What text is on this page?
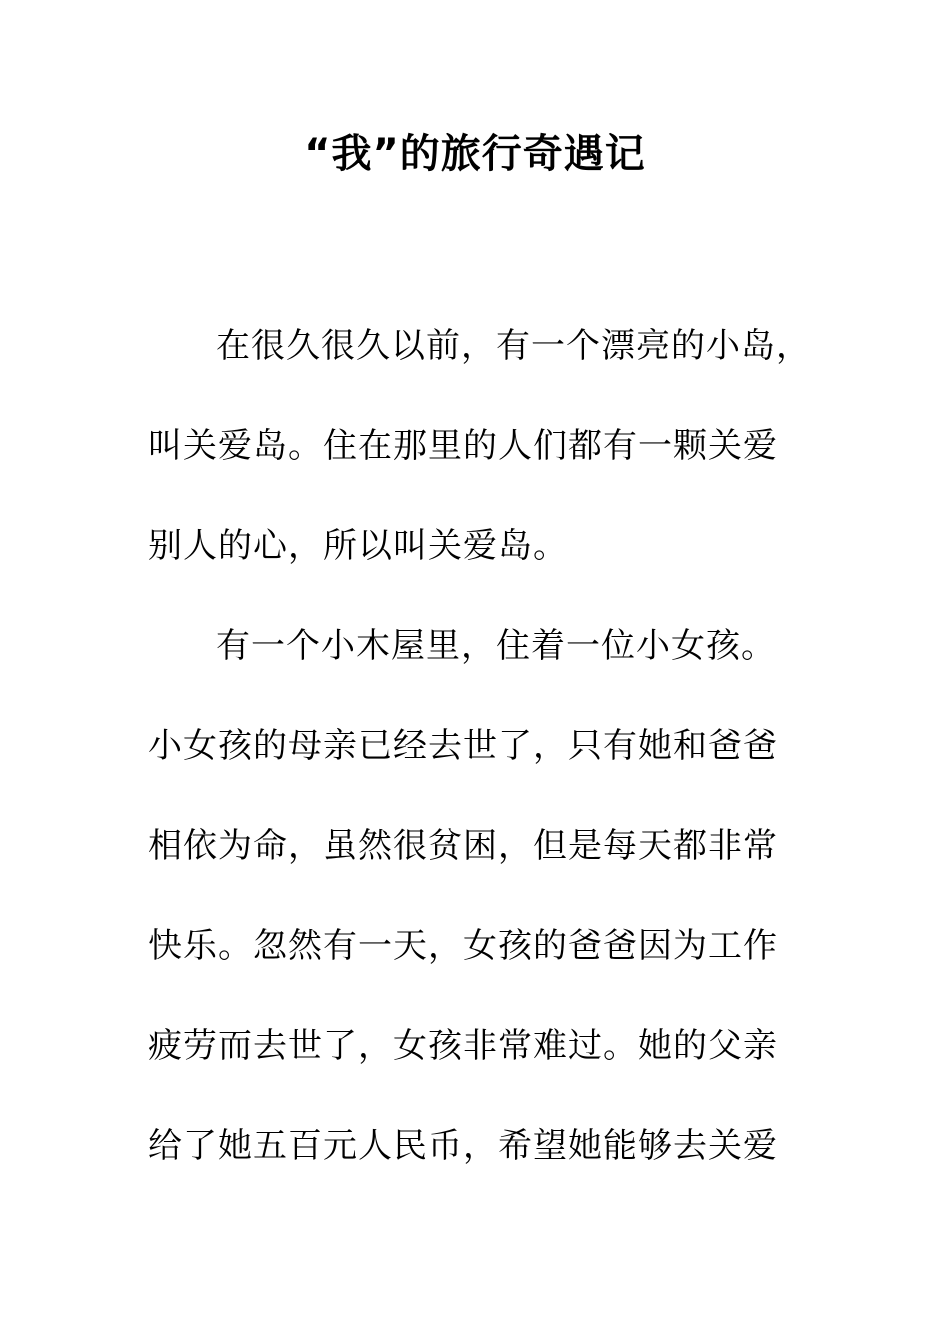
“我”的旅行奇遇记

在很久很久以前，有一个漂亮的小岛，

叫关爱岛。住在那里的人们都有一颗关爱

别人的心，所以叫关爱岛。

有一个小木屋里，住着一位小女孩。

小女孩的母亲已经去世了，只有她和爸爸

相依为命，虽然很贫困，但是每天都非常

快乐。忽然有一天，女孩的爸爸因为工作

疲劳而去世了，女孩非常难过。她的父亲

给了她五百元人民币，希望她能够去关爱
